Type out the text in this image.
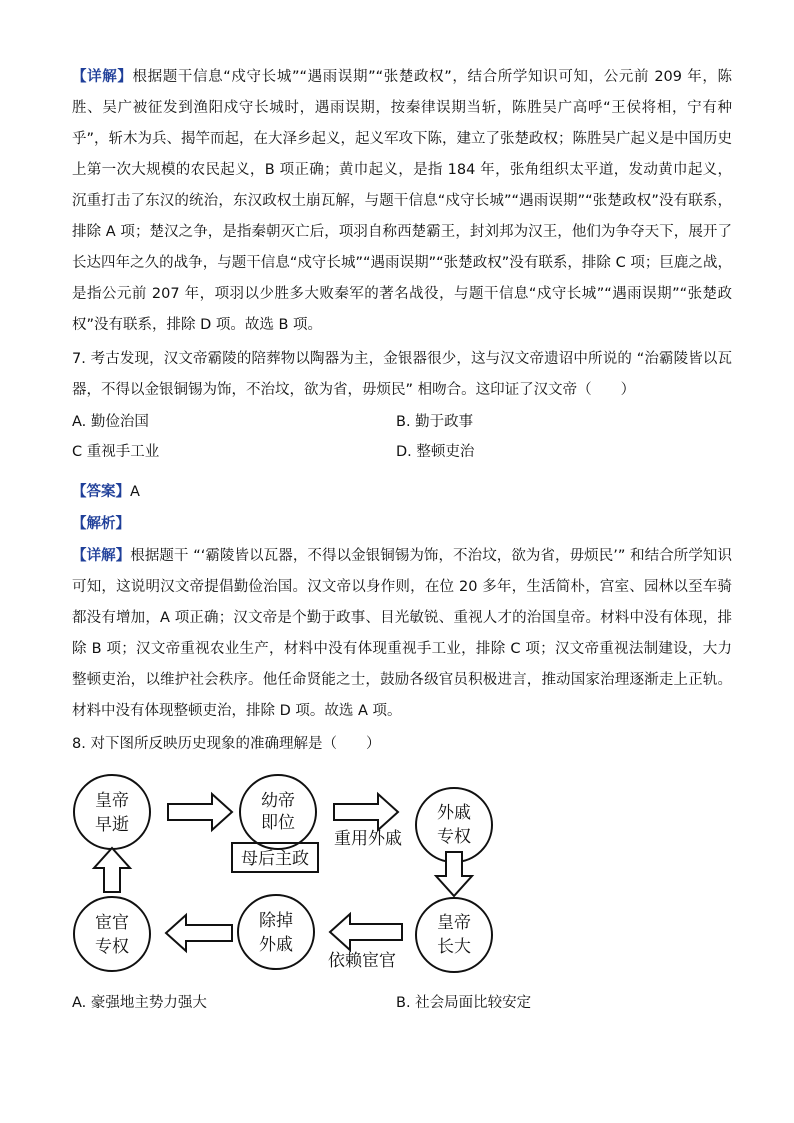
【详解】根据题干信息“戍守长城”“遇雨误期”“张楚政权”，结合所学知识可知，公元前 209 年，陈胜、吴广被征发到渔阳戍守长城时，遇雨误期，按秦律误期当斩，陈胜吴广高呼“王侯将相，宁有种乎”，斩木为兵、揭竿而起，在大泽乡起义，起义军攻下陈，建立了张楚政权；陈胜吴广起义是中国历史上第一次大规模的农民起义，B 项正确；黄巾起义，是指 184 年，张角组织太平道，发动黄巾起义，沉重打击了东汉的统治，东汉政权土崩瓦解，与题干信息“戍守长城”“遇雨误期”“张楚政权”没有联系，排除 A 项；楚汉之争，是指秦朝灭亡后，项羽自称西楚霸王，封刘邦为汉王，他们为争夺天下，展开了长达四年之久的战争，与题干信息“戍守长城”“遇雨误期”“张楚政权”没有联系，排除 C 项；巨鹿之战，是指公元前 207 年，项羽以少胜多大败秦军的著名战役，与题干信息“戍守长城”“遇雨误期”“张楚政权”没有联系，排除 D 项。故选 B 项。

7. 考古发现，汉文帝霸陵的陪葬物以陶器为主，金银器很少，这与汉文帝遗诏中所说的 “治霸陵皆以瓦器，不得以金银铜锡为饰，不治坟，欲为省，毋烦民” 相吻合。这印证了汉文帝（　　）

A. 勤俭治国	B. 勤于政事
C 重视手工业	D. 整顿吏治
【答案】A
【解析】

【详解】根据题干 “‘霸陵皆以瓦器，不得以金银铜锡为饰，不治坟，欲为省，毋烦民’” 和结合所学知识可知，这说明汉文帝提倡勤俭治国。汉文帝以身作则，在位 20 多年，生活简朴，宫室、园林以至车骑都没有增加，A 项正确；汉文帝是个勤于政事、目光敏锐、重视人才的治国皇帝。材料中没有体现，排除 B 项；汉文帝重视农业生产，材料中没有体现重视手工业，排除 C 项；汉文帝重视法制建设，大力整顿吏治，以维护社会秩序。他任命贤能之士，鼓励各级官员积极进言，推动国家治理逐渐走上正轨。材料中没有体现整顿吏治，排除 D 项。故选 A 项。

8. 对下图所反映历史现象的准确理解是（　　）
皇帝
早逝
幼帝
即位	外戚
专权
皇帝
长大
除掉
外戚
宦官
专权
母后主政
重用外戚
依赖宦官
A. 豪强地主势力强大	B. 社会局面比较安定
